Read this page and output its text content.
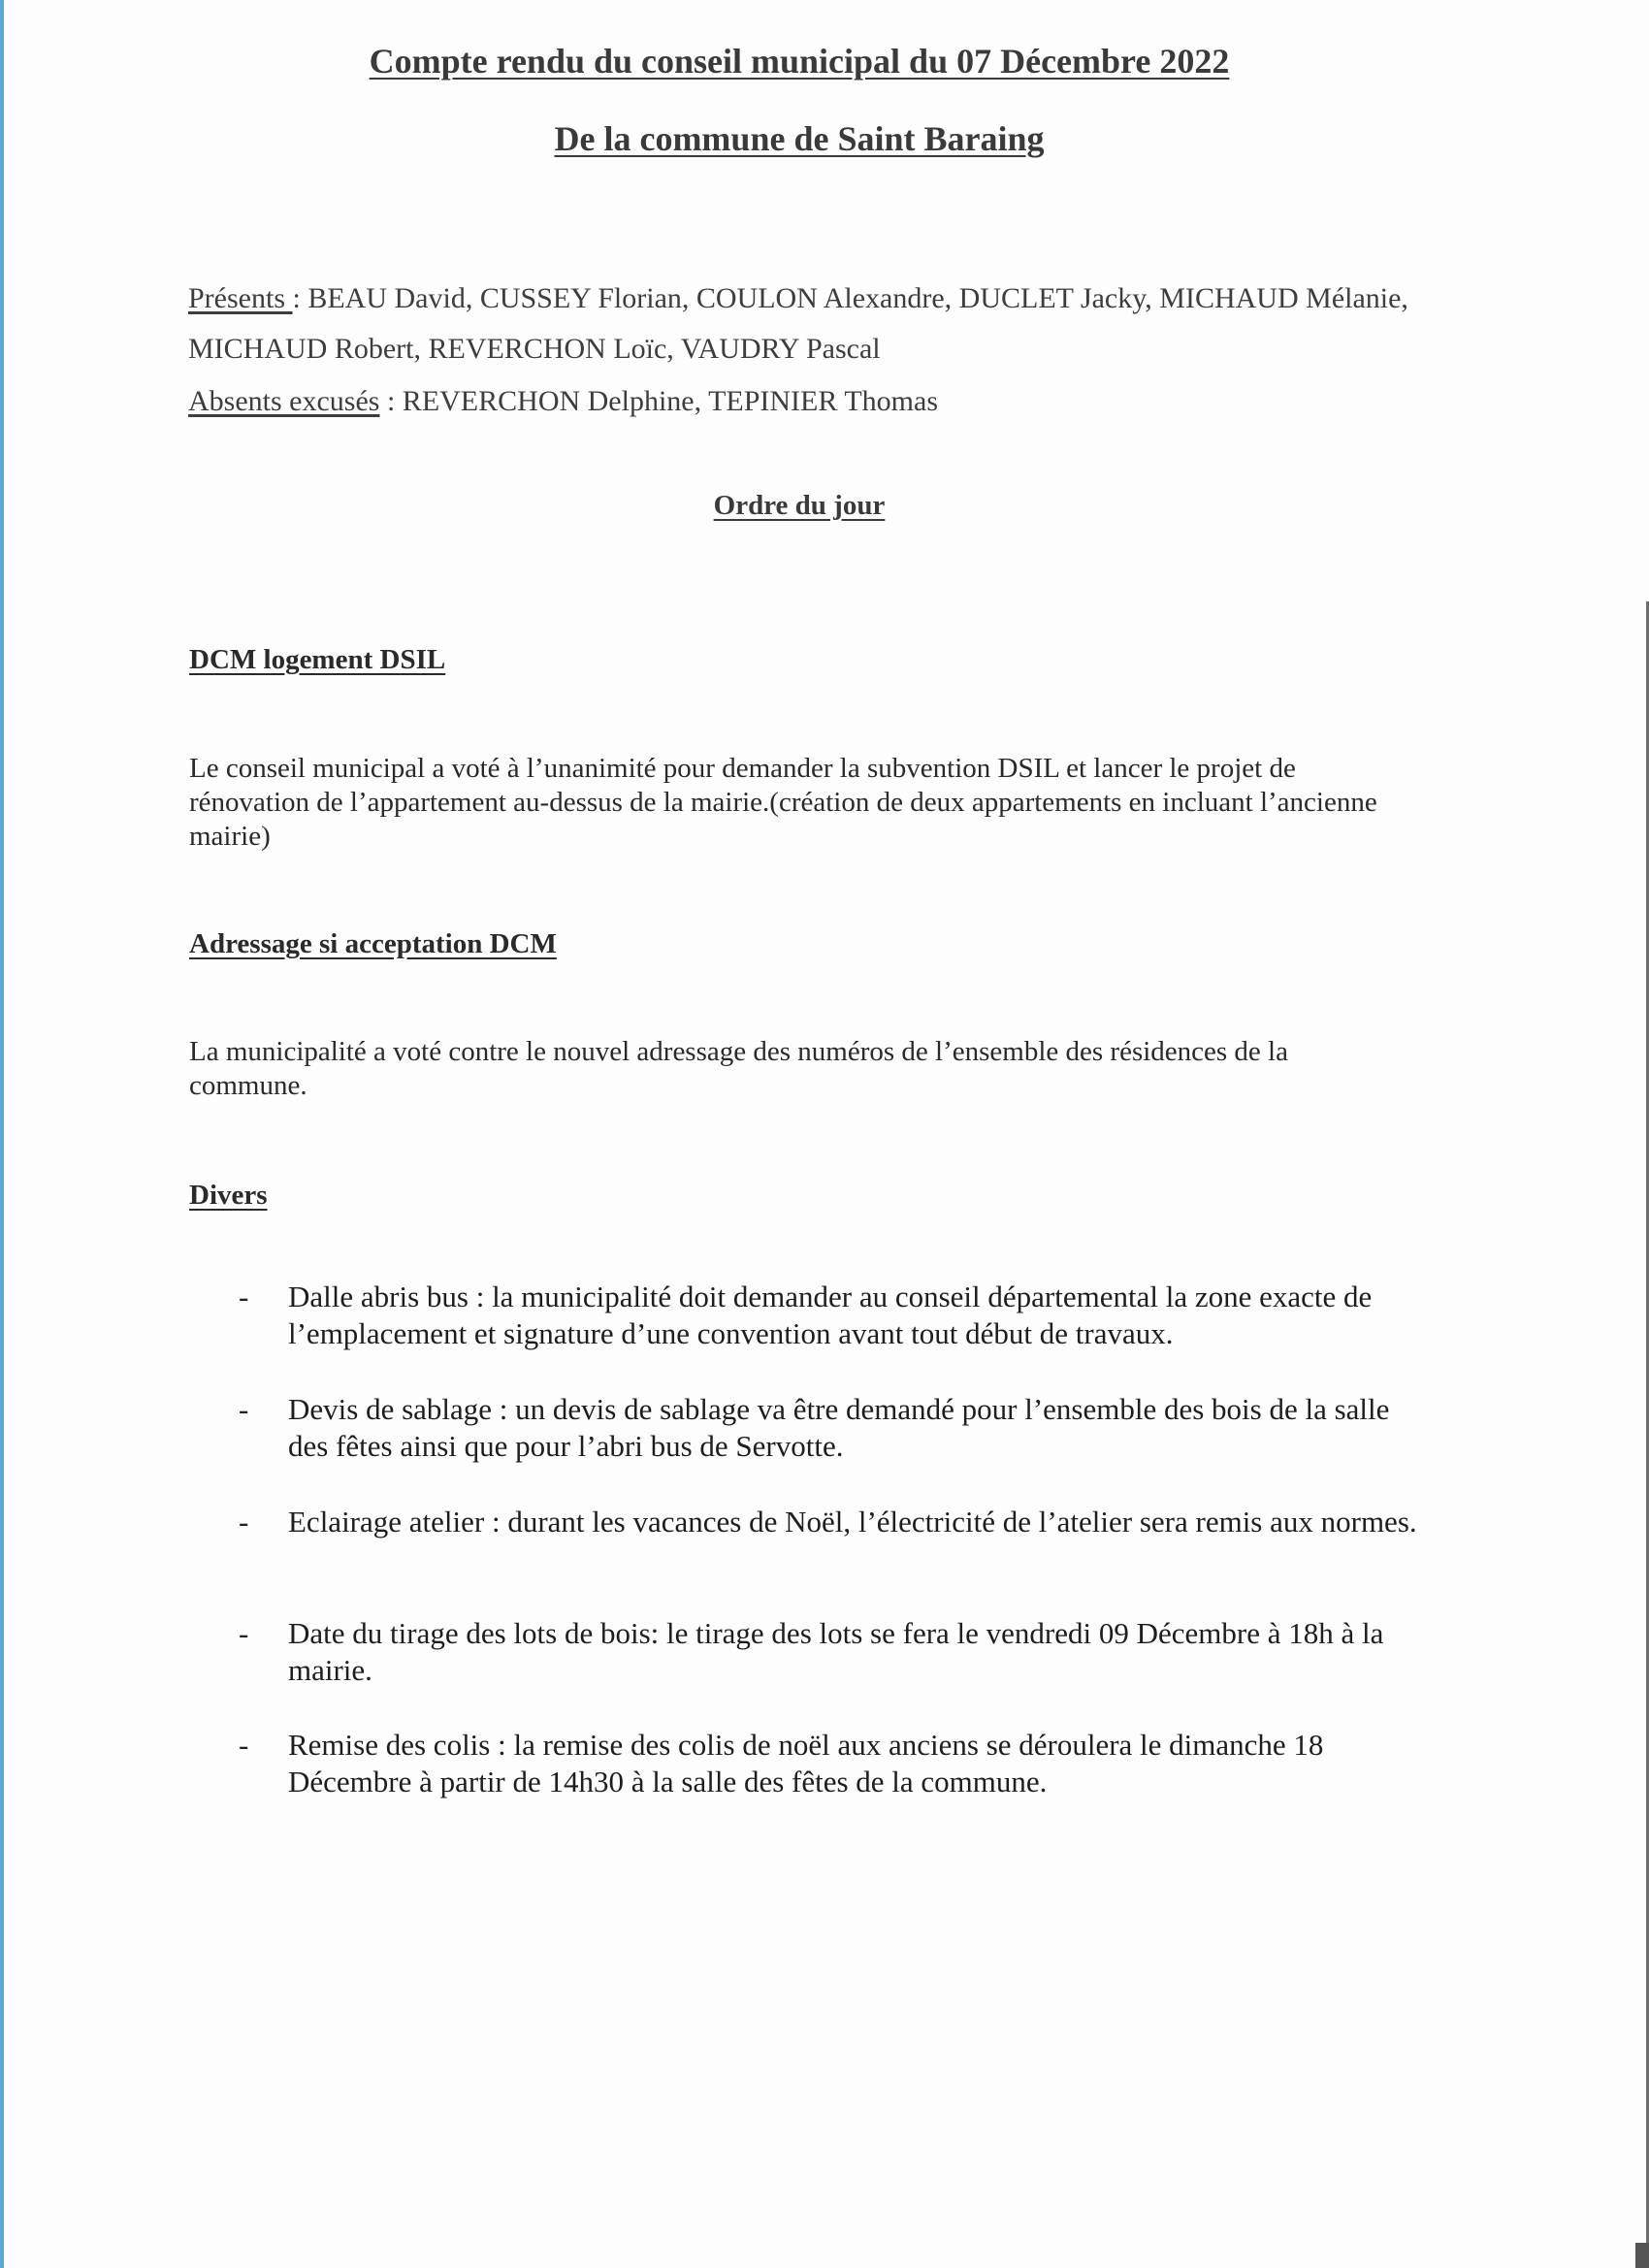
Compte rendu du conseil municipal du 07 Décembre 2022
De la commune de Saint Baraing
Présents : BEAU David, CUSSEY Florian, COULON Alexandre, DUCLET Jacky, MICHAUD Mélanie, MICHAUD Robert, REVERCHON Loïc, VAUDRY Pascal
Absents excusés : REVERCHON Delphine, TEPINIER Thomas
Ordre du jour
DCM logement DSIL
Le conseil municipal a voté à l’unanimité pour demander la subvention DSIL et lancer le projet de rénovation de l’appartement au-dessus de la mairie.(création de deux appartements en incluant l’ancienne mairie)
Adressage si acceptation DCM
La municipalité a voté contre le nouvel adressage des numéros de l’ensemble des résidences de la commune.
Divers
- Dalle abris bus : la municipalité doit demander au conseil départemental la zone exacte de l’emplacement et signature d’une convention avant tout début de travaux.
- Devis de sablage : un devis de sablage va être demandé pour l’ensemble des bois de la salle des fêtes ainsi que pour l’abri bus de Servotte.
- Eclairage atelier : durant les vacances de Noël, l’électricité de l’atelier sera remis aux normes.
- Date du tirage des lots de bois: le tirage des lots se fera le vendredi 09 Décembre à 18h à la mairie.
- Remise des colis : la remise des colis de noël aux anciens se déroulera le dimanche 18 Décembre à partir de 14h30 à la salle des fêtes de la commune.
